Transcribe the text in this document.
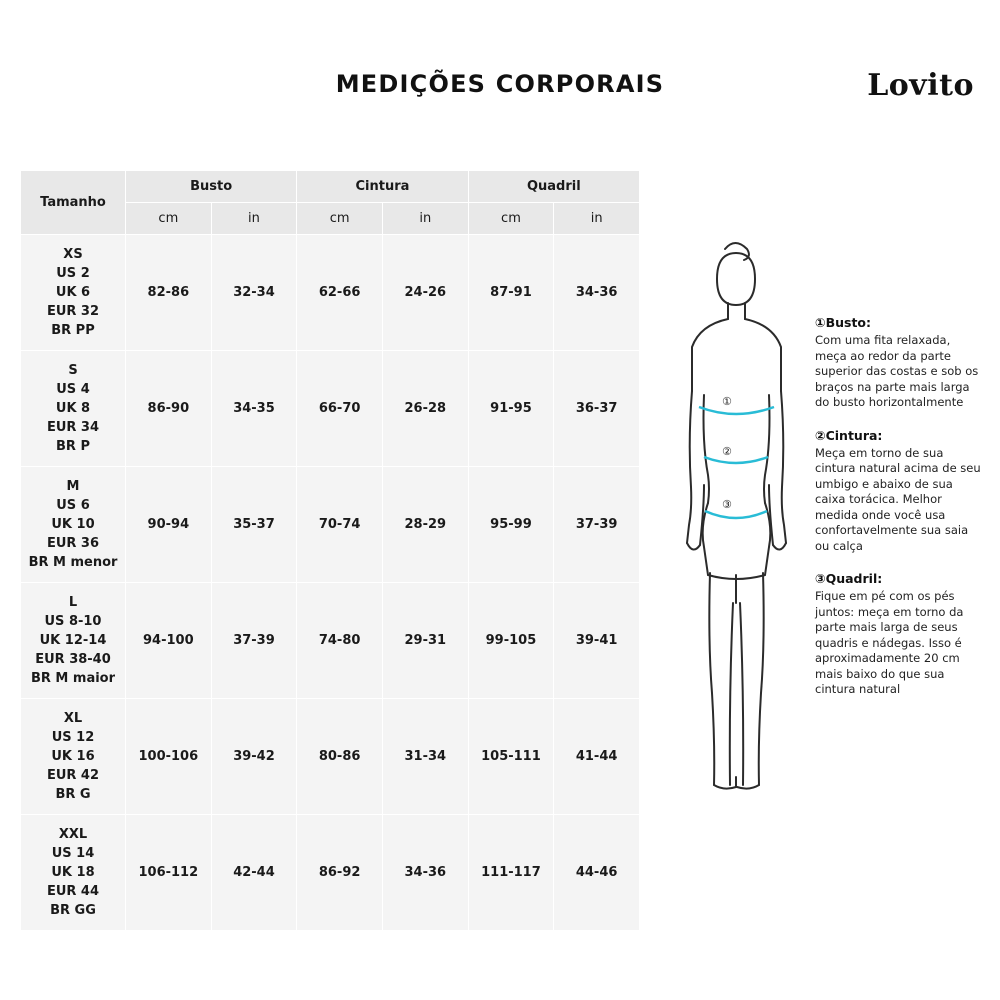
MEDIÇÕES CORPORAIS	Lovito
Tamanho	Busto		Cintura		Quadril	
	cm	in	cm	in	cm	in

XS
US 2
UK 6
EUR 32
BR PP	82-86	32-34	62-66	24-26	87-91	34-36

S
US 4
UK 8
EUR 34
BR P	86-90	34-35	66-70	26-28	91-95	36-37

M
US 6
UK 10
EUR 36
BR M menor	90-94	35-37	70-74	28-29	95-99	37-39

L
US 8-10
UK 12-14
EUR 38-40
BR M maior	94-100	37-39	74-80	29-31	99-105	39-41

XL
US 12
UK 16
EUR 42
BR G	100-106	39-42	80-86	31-34	105-111	41-44

XXL
US 14
UK 18
EUR 44
BR GG	106-112	42-44	86-92	34-36	111-117	44-46
①
②
③
①Busto:
Com uma fita relaxada, meça ao redor da parte superior das costas e sob os braços na parte mais larga do busto horizontalmente
②Cintura:
Meça em torno de sua cintura natural acima de seu umbigo e abaixo de sua caixa torácica. Melhor medida onde você usa confortavelmente sua saia ou calça
③Quadril:
Fique em pé com os pés juntos: meça em torno da parte mais larga de seus quadris e nádegas. Isso é aproximadamente 20 cm mais baixo do que sua cintura natural
